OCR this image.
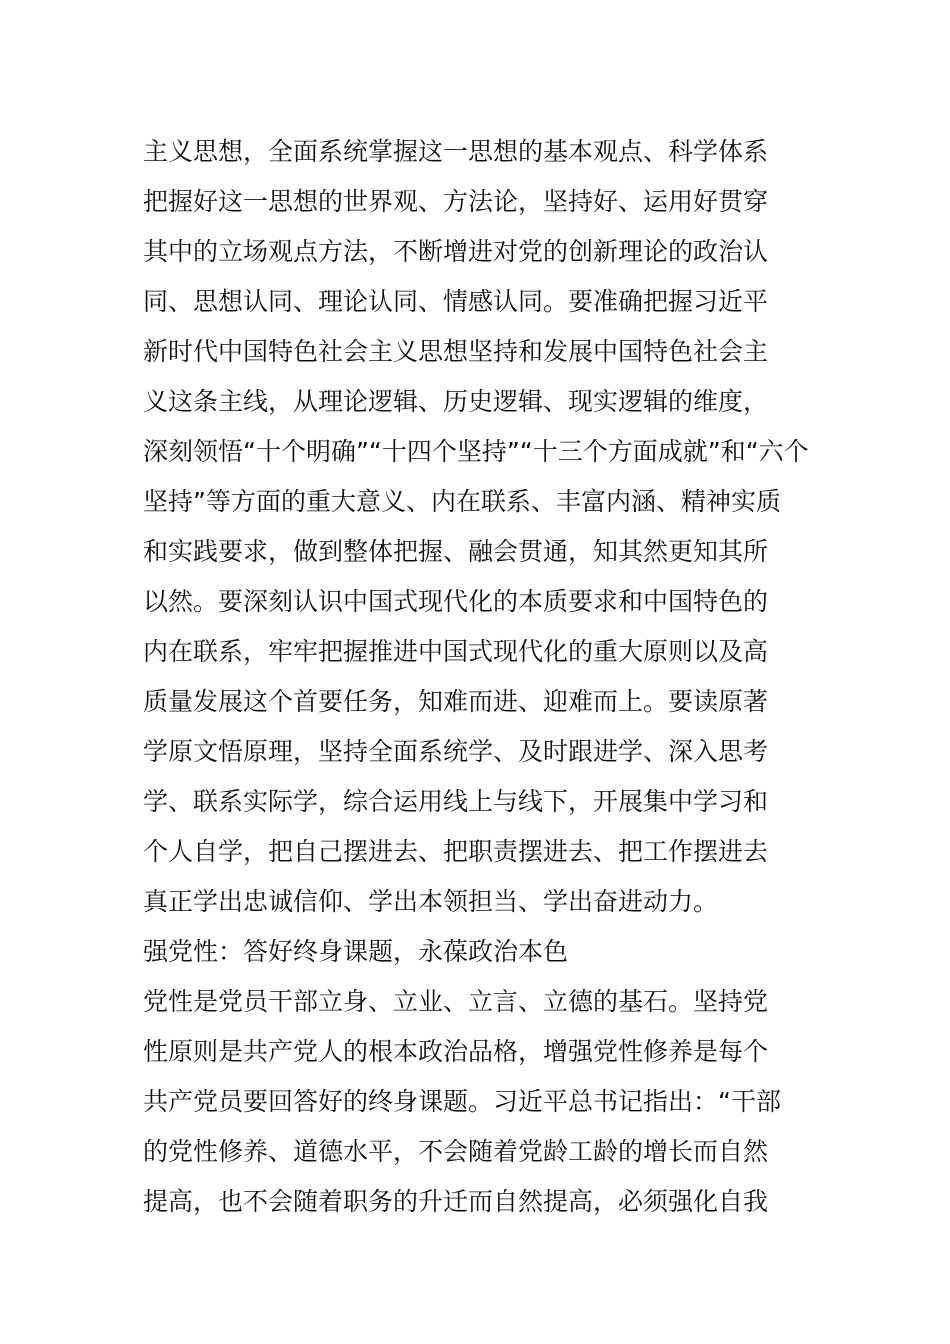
主义思想，全面系统掌握这一思想的基本观点、科学体系
把握好这一思想的世界观、方法论，坚持好、运用好贯穿
其中的立场观点方法，不断增进对党的创新理论的政治认
同、思想认同、理论认同、情感认同。要准确把握习近平
新时代中国特色社会主义思想坚持和发展中国特色社会主
义这条主线，从理论逻辑、历史逻辑、现实逻辑的维度，
深刻领悟“十个明确”“十四个坚持”“十三个方面成就”和“六个
坚持”等方面的重大意义、内在联系、丰富内涵、精神实质
和实践要求，做到整体把握、融会贯通，知其然更知其所
以然。要深刻认识中国式现代化的本质要求和中国特色的
内在联系，牢牢把握推进中国式现代化的重大原则以及高
质量发展这个首要任务，知难而进、迎难而上。要读原著
学原文悟原理，坚持全面系统学、及时跟进学、深入思考
学、联系实际学，综合运用线上与线下，开展集中学习和
个人自学，把自己摆进去、把职责摆进去、把工作摆进去
真正学出忠诚信仰、学出本领担当、学出奋进动力。
强党性：答好终身课题，永葆政治本色
党性是党员干部立身、立业、立言、立德的基石。坚持党
性原则是共产党人的根本政治品格，增强党性修养是每个
共产党员要回答好的终身课题。习近平总书记指出：“干部
的党性修养、道德水平，不会随着党龄工龄的增长而自然
提高，也不会随着职务的升迁而自然提高，必须强化自我
